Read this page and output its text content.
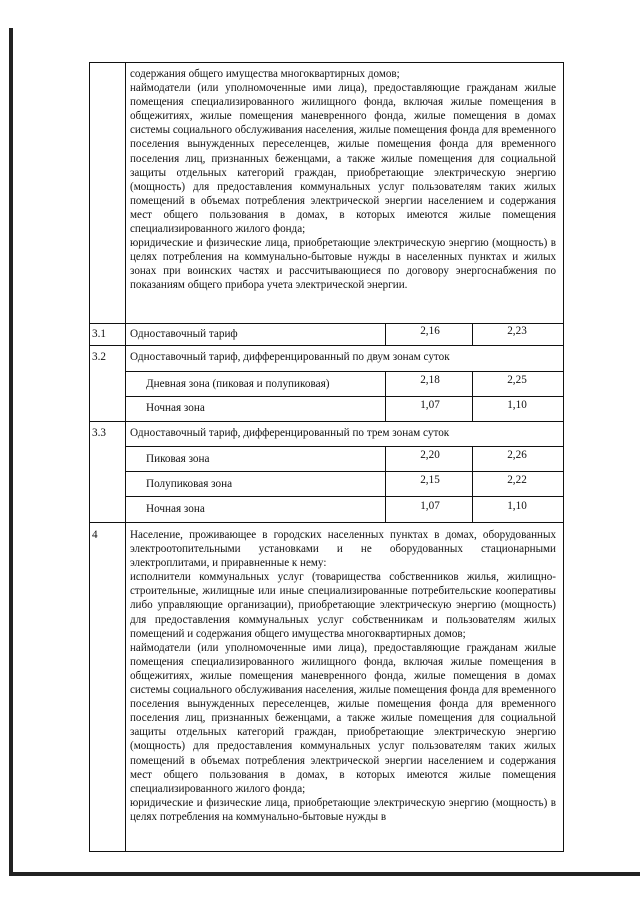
содержания общего имущества многоквартирных домов;

наймодатели (или уполномоченные ими лица), предоставляющие гражданам жилые помещения специализированного жилищного фонда, включая жилые помещения в общежитиях, жилые помещения маневренного фонда, жилые помещения в домах системы социального обслуживания населения, жилые помещения фонда для временного поселения вынужденных переселенцев, жилые помещения фонда для временного поселения лиц, признанных беженцами, а также жилые помещения для социальной защиты отдельных категорий граждан, приобретающие электрическую энергию (мощность) для предоставления коммунальных услуг пользователям таких жилых помещений в объемах потребления электрической энергии населением и содержания мест общего пользования в домах, в которых имеются жилые помещения специализированного жилого фонда;

юридические и физические лица, приобретающие электрическую энергию (мощность) в целях потребления на коммунально-бытовые нужды в населенных пунктах и жилых зонах при воинских частях и рассчитывающиеся по договору энергоснабжения по показаниям общего прибора учета электрической энергии.

3.1 Одноставочный тариф	2,16	2,23
3.2 Одноставочный тариф, дифференцированный по двум зонам суток
Дневная зона (пиковая и полупиковая)	2,18	2,25
Ночная зона	1,07	1,10
3.3 Одноставочный тариф, дифференцированный по трем зонам суток
Пиковая зона	2,20	2,26
Полупиковая зона	2,15	2,22
Ночная зона	1,07	1,10
4	Население, проживающее в городских населенных пунктах в домах, оборудованных электроотопительными установками и не оборудованных стационарными электроплитами, и приравненные к нему:

исполнители коммунальных услуг (товарищества собственников жилья, жилищно-строительные, жилищные или иные специализированные потребительские кооперативы либо управляющие организации), приобретающие электрическую энергию (мощность) для предоставления коммунальных услуг собственникам и пользователям жилых помещений и содержания общего имущества многоквартирных домов;

наймодатели (или уполномоченные ими лица), предоставляющие гражданам жилые помещения специализированного жилищного фонда, включая жилые помещения в общежитиях, жилые помещения маневренного фонда, жилые помещения в домах системы социального обслуживания населения, жилые помещения фонда для временного поселения вынужденных переселенцев, жилые помещения фонда для временного поселения лиц, признанных беженцами, а также жилые помещения для социальной защиты отдельных категорий граждан, приобретающие электрическую энергию (мощность) для предоставления коммунальных услуг пользователям таких жилых помещений в объемах потребления электрической энергии населением и содержания мест общего пользования в домах, в которых имеются жилые помещения специализированного жилого фонда;

юридические и физические лица, приобретающие электрическую энергию (мощность) в целях потребления на коммунально-бытовые нужды в
